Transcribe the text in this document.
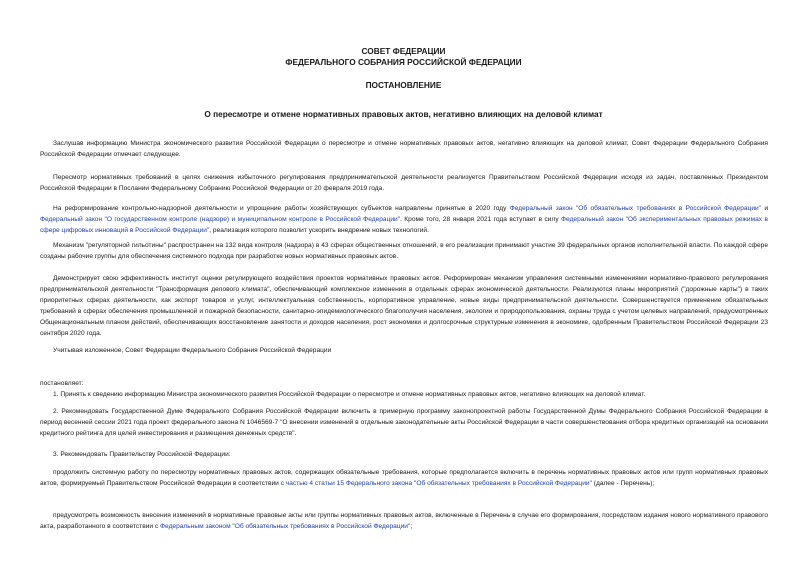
СОВЕТ ФЕДЕРАЦИИ

ФЕДЕРАЛЬНОГО СОБРАНИЯ РОССИЙСКОЙ ФЕДЕРАЦИИ

ПОСТАНОВЛЕНИЕ

О пересмотре и отмене нормативных правовых актов, негативно влияющих на деловой климат

Заслушав информацию Министра экономического развития Российской Федерации о пересмотре и отмене нормативных правовых актов, негативно влияющих на деловой климат, Совет Федерации Федерального Собрания Российской Федерации отмечает следующее.

Пересмотр нормативных требований в целях снижения избыточного регулирования предпринимательской деятельности реализуется Правительством Российской Федерации исходя из задач, поставленных Президентом Российской Федерации в Послании Федеральному Собранию Российской Федерации от 20 февраля 2019 года.

На реформирование контрольно-надзорной деятельности и упрощение работы хозяйствующих субъектов направлены принятые в 2020 году Федеральный закон "Об обязательных требованиях в Российской Федерации" и Федеральный закон "О государственном контроле (надзоре) и муниципальном контроле в Российской Федерации". Кроме того, 28 января 2021 года вступает в силу Федеральный закон "Об экспериментальных правовых режимах в сфере цифровых инноваций в Российской Федерации", реализация которого позволит ускорить внедрение новых технологий.

Механизм "регуляторной гильотины" распространен на 132 вида контроля (надзора) в 43 сферах общественных отношений, в его реализации принимают участие 39 федеральных органов исполнительной власти. По каждой сфере созданы рабочие группы для обеспечения системного подхода при разработке новых нормативных правовых актов.

Демонстрирует свою эффективность институт оценки регулирующего воздействия проектов нормативных правовых актов. Реформирован механизм управления системными изменениями нормативно-правового регулирования предпринимательской деятельности "Трансформация делового климата", обеспечивающий комплексное изменения в отдельных сферах экономической деятельности. Реализуются планы мероприятий ("дорожные карты") в таких приоритетных сферах деятельности, как экспорт товаров и услуг, интеллектуальная собственность, корпоративное управление, новые виды предпринимательской деятельности. Совершенствуется применение обязательных требований в сферах обеспечения промышленной и пожарной безопасности, санитарно-эпидемиологического благополучия населения, экологии и природопользования, охраны труда с учетом целевых направлений, предусмотренных Общенациональным планом действий, обеспечивающих восстановление занятости и доходов населения, рост экономики и долгосрочные структурные изменения в экономике, одобренным Правительством Российской Федерации 23 сентября 2020 года.

Учитывая изложенное, Совет Федерации Федерального Собрания Российской Федерации

постановляет:

1. Принять к сведению информацию Министра экономического развития Российской Федерации о пересмотре и отмене нормативных правовых актов, негативно влияющих на деловой климат.

2. Рекомендовать Государственной Думе Федерального Собрания Российской Федерации включить в примерную программу законопроектной работы Государственной Думы Федерального Собрания Российской Федерации в период весенней сессии 2021 года проект федерального закона N 1046569-7 "О внесении изменений в отдельные законодательные акты Российской Федерации в части совершенствования отбора кредитных организаций на основании кредитного рейтинга для целей инвестирования и размещения денежных средств".

3. Рекомендовать Правительству Российской Федерации:

продолжить системную работу по пересмотру нормативных правовых актов, содержащих обязательные требования, которые предполагается включить в перечень нормативных правовых актов или групп нормативных правовых актов, формируемый Правительством Российской Федерации в соответствии с частью 4 статьи 15 Федерального закона "Об обязательных требованиях в Российской Федерации" (далее - Перечень);

предусмотреть возможность внесения изменений в нормативные правовые акты или группы нормативных правовых актов, включенные в Перечень в случае его формирования, посредством издания нового нормативного правового акта, разработанного в соответствии с Федеральным законом "Об обязательных требованиях в Российской Федерации";
